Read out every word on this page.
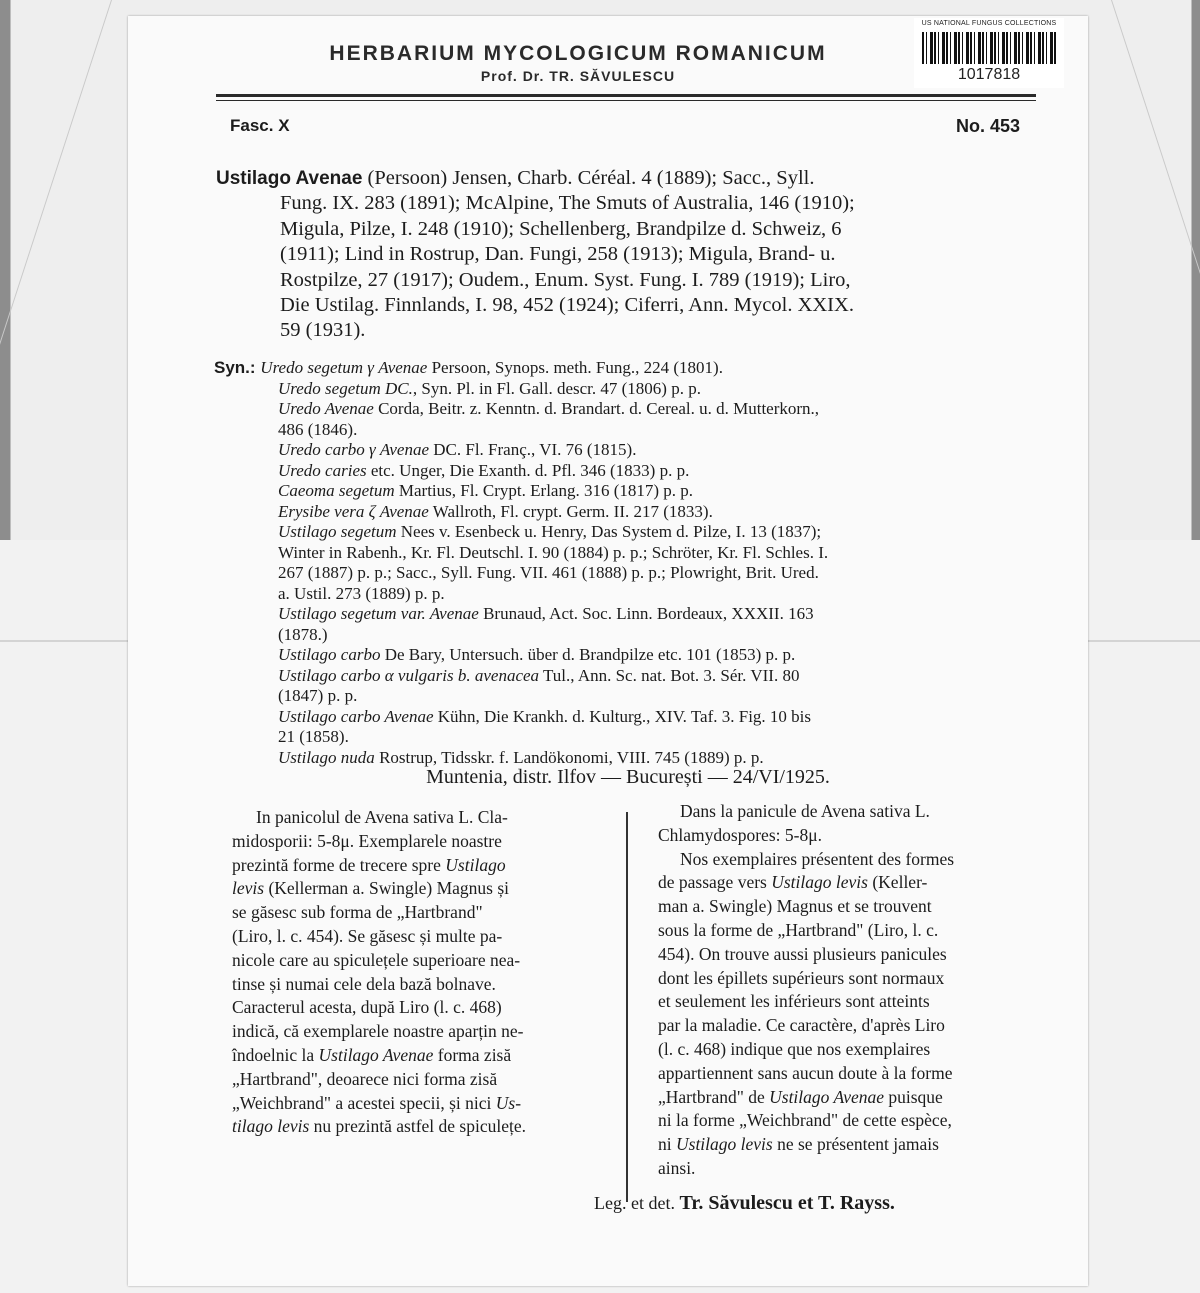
HERBARIUM MYCOLOGICUM ROMANICUM
Prof. Dr. TR. SĂVULESCU
US NATIONAL FUNGUS COLLECTIONS
1017818
Fasc. X	No. 453
Ustilago Avenae (Persoon) Jensen, Charb. Céréal. 4 (1889); Sacc., Syll.
Fung. IX. 283 (1891); McAlpine, The Smuts of Australia, 146 (1910);
Migula, Pilze, I. 248 (1910); Schellenberg, Brandpilze d. Schweiz, 6
(1911); Lind in Rostrup, Dan. Fungi, 258 (1913); Migula, Brand- u.
Rostpilze, 27 (1917); Oudem., Enum. Syst. Fung. I. 789 (1919); Liro,
Die Ustilag. Finnlands, I. 98, 452 (1924); Ciferri, Ann. Mycol. XXIX.
59 (1931).
Syn.: Uredo segetum γ Avenae Persoon, Synops. meth. Fung., 224 (1801).
Uredo segetum DC., Syn. Pl. in Fl. Gall. descr. 47 (1806) p. p.
Uredo Avenae Corda, Beitr. z. Kenntn. d. Brandart. d. Cereal. u. d. Mutterkorn.,
486 (1846).
Uredo carbo γ Avenae DC. Fl. Franç., VI. 76 (1815).
Uredo caries etc. Unger, Die Exanth. d. Pfl. 346 (1833) p. p.
Caeoma segetum Martius, Fl. Crypt. Erlang. 316 (1817) p. p.
Erysibe vera ζ Avenae Wallroth, Fl. crypt. Germ. II. 217 (1833).
Ustilago segetum Nees v. Esenbeck u. Henry, Das System d. Pilze, I. 13 (1837);
Winter in Rabenh., Kr. Fl. Deutschl. I. 90 (1884) p. p.; Schröter, Kr. Fl. Schles. I.
267 (1887) p. p.; Sacc., Syll. Fung. VII. 461 (1888) p. p.; Plowright, Brit. Ured.
a. Ustil. 273 (1889) p. p.
Ustilago segetum var. Avenae Brunaud, Act. Soc. Linn. Bordeaux, XXXII. 163
(1878.)
Ustilago carbo De Bary, Untersuch. über d. Brandpilze etc. 101 (1853) p. p.
Ustilago carbo α vulgaris b. avenacea Tul., Ann. Sc. nat. Bot. 3. Sér. VII. 80
(1847) p. p.
Ustilago carbo Avenae Kühn, Die Krankh. d. Kulturg., XIV. Taf. 3. Fig. 10 bis
21 (1858).
Ustilago nuda Rostrup, Tidsskr. f. Landökonomi, VIII. 745 (1889) p. p.
Muntenia, distr. Ilfov — București — 24/VI/1925.
In panicolul de Avena sativa L. Cla-
midosporii: 5-8μ. Exemplarele noastre
prezintă forme de trecere spre Ustilago
levis (Kellerman a. Swingle) Magnus și
se găsesc sub forma de „Hartbrand"
(Liro, l. c. 454). Se găsesc și multe pa-
nicole care au spiculețele superioare nea-
tinse și numai cele dela bază bolnave.
Caracterul acesta, după Liro (l. c. 468)
indică, că exemplarele noastre aparțin ne-
îndoelnic la Ustilago Avenae forma zisă
„Hartbrand", deoarece nici forma zisă
„Weichbrand" a acestei specii, și nici Us-
tilago levis nu prezintă astfel de spiculețe.
Dans la panicule de Avena sativa L.
Chlamydospores: 5-8μ.
Nos exemplaires présentent des formes
de passage vers Ustilago levis (Keller-
man a. Swingle) Magnus et se trouvent
sous la forme de „Hartbrand" (Liro, l. c.
454). On trouve aussi plusieurs panicules
dont les épillets supérieurs sont normaux
et seulement les inférieurs sont atteints
par la maladie. Ce caractère, d'après Liro
(l. c. 468) indique que nos exemplaires
appartiennent sans aucun doute à la forme
„Hartbrand" de Ustilago Avenae puisque
ni la forme „Weichbrand" de cette espèce,
ni Ustilago levis ne se présentent jamais
ainsi.
Leg. et det. Tr. Săvulescu et T. Rayss.
